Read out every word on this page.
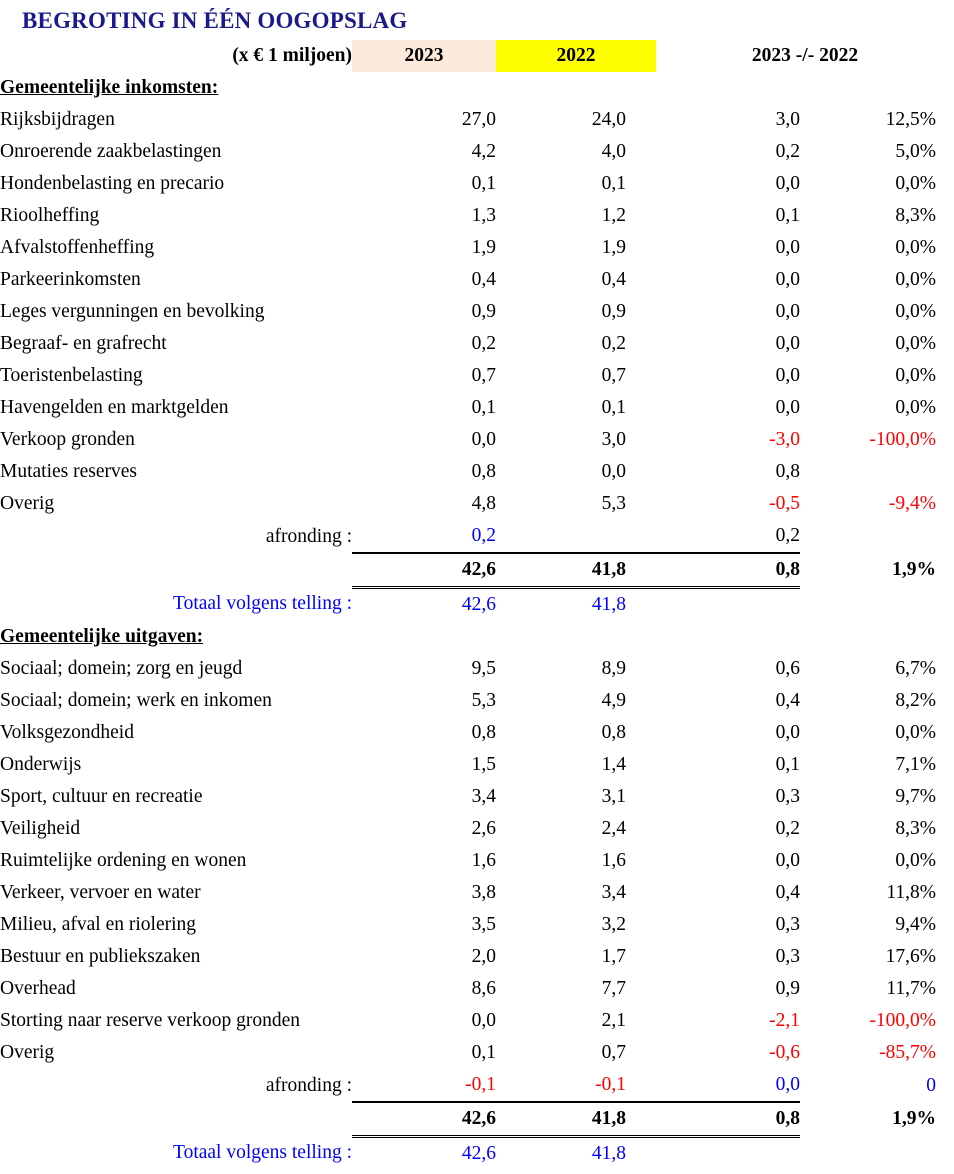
BEGROTING IN ÉÉN OOGOPSLAG
(x € 1 miljoen)	2023	2022	2023 -/- 2022	
Gemeentelijke inkomsten:				
Rijksbijdragen	27,0	24,0	3,0	12,5%
Onroerende zaakbelastingen	4,2	4,0	0,2	5,0%
Hondenbelasting en precario	0,1	0,1	0,0	0,0%
Rioolheffing	1,3	1,2	0,1	8,3%
Afvalstoffenheffing	1,9	1,9	0,0	0,0%
Parkeerinkomsten	0,4	0,4	0,0	0,0%
Leges vergunningen en bevolking	0,9	0,9	0,0	0,0%
Begraaf- en grafrecht	0,2	0,2	0,0	0,0%
Toeristenbelasting	0,7	0,7	0,0	0,0%
Havengelden en marktgelden	0,1	0,1	0,0	0,0%
Verkoop gronden	0,0	3,0	-3,0	-100,0%
Mutaties reserves	0,8	0,0	0,8	
Overig	4,8	5,3	-0,5	-9,4%
afronding :	0,2		0,2	
	42,6	41,8	0,8	1,9%
Totaal volgens telling :	42,6	41,8		
Gemeentelijke uitgaven:				
Sociaal; domein; zorg en jeugd	9,5	8,9	0,6	6,7%
Sociaal; domein; werk en inkomen	5,3	4,9	0,4	8,2%
Volksgezondheid	0,8	0,8	0,0	0,0%
Onderwijs	1,5	1,4	0,1	7,1%
Sport, cultuur en recreatie	3,4	3,1	0,3	9,7%
Veiligheid	2,6	2,4	0,2	8,3%
Ruimtelijke ordening en wonen	1,6	1,6	0,0	0,0%
Verkeer, vervoer en water	3,8	3,4	0,4	11,8%
Milieu, afval en riolering	3,5	3,2	0,3	9,4%
Bestuur en publiekszaken	2,0	1,7	0,3	17,6%
Overhead	8,6	7,7	0,9	11,7%
Storting naar reserve verkoop gronden	0,0	2,1	-2,1	-100,0%
Overig	0,1	0,7	-0,6	-85,7%
afronding :	-0,1	-0,1	0,0	0
	42,6	41,8	0,8	1,9%
Totaal volgens telling :	42,6	41,8		
